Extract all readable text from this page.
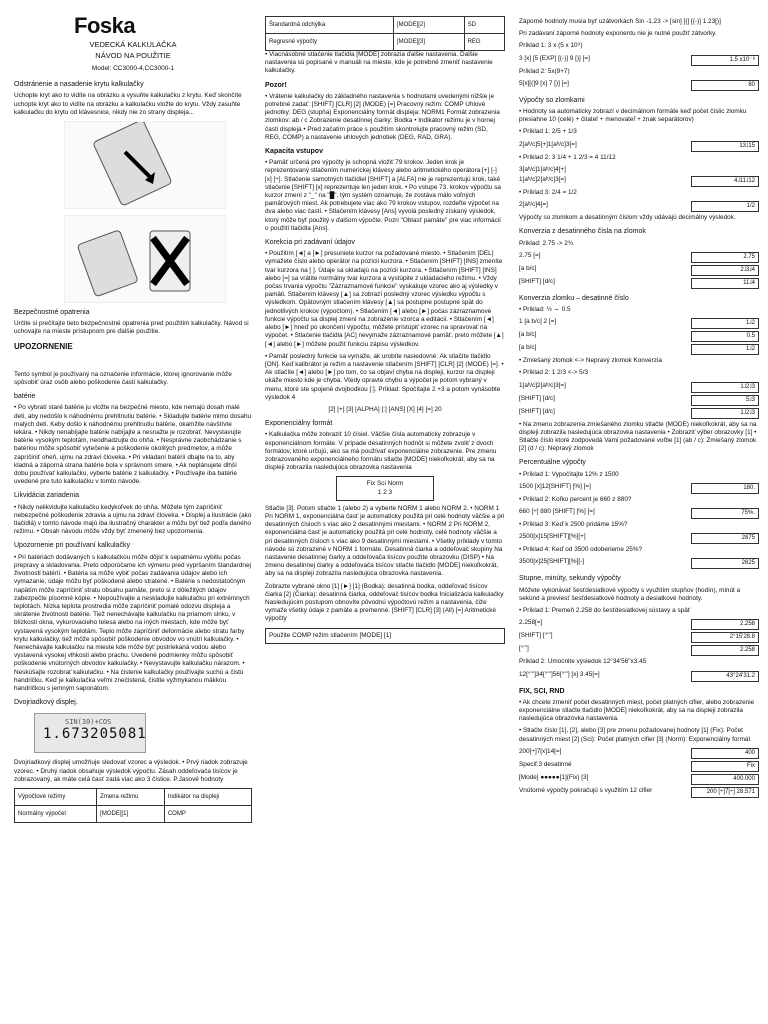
Foska
VEDECKÁ KALKULAČKA
NÁVOD NA POUŽITIE
Model: CC3000-4,CC3000-1
Odstránenie a nasadenie krytu kalkulačky

Uchopte kryt ako to vidíte na obrázku a vysuňte kalkulačku z krytu. Keď skončíte uchopte kryt ako to vidíte na obrázku a kalkulačku vložte do krytu. Vždy zasuňte kalkulačku do krytu od klávesnice, nikdy nie zo strany displeja...

Bezpečnostné opatrenia

Určite si prečítajte tieto bezpečnostné opatrenia pred použitím kalkulačky. Návod si uchovajte na mieste prístupnom pre ďalšie použitie.

UPOZORNENIE

Tento symbol je používaný na označenie informácie, ktorej ignorovanie môže spôsobiť úraz osôb alebo poškodenie častí kalkulačky.

batérie

• Po vybratí staré batérie ju vložte na bezpečné miesto, kde nemajú dosah malé deti, aby nedošlo k náhodnému prehltnutiu batérie. • Skladujte batérie mimo dosahu malých detí. Keby došlo k náhodnému prehltnutiu batérie, okamžite navštívte lekára. • Nikdy nenabíjajte batérie nabíjajte a nesnažte je rozobrať. Nevystavujte batérie vysokým teplotám, neodhadzujte do ohňa. • Nesprávne zaobchádzanie s batériou môže spôsobiť vytečenie a poškodenie okolitých predmetov, a môže zapríčiniť oheň, ujmu na zdraví človeka. • Pri vkladaní batérií dbajte na to, aby kladná a záporná strana batérie bola v správnom smere. • Ak neplánujete dlhší dobu používať kalkulačku, vyberte batérie z kalkulačky. • Používajte iba batérie uvedené pre tuto kalkulačku v tomto návode.

Likvidácia zariadenia

• Nikdy nelikvidujte kalkulačku kedykoľvek do ohňa. Môžete tým zapríčiniť nebezpečné poškodenie zdravia a ujmu na zdraví človeka. • Displej a ilustrácie (ako tlačidlá) v tomto návode majú iba ilustračný charakter a môžu byť tiež podľa daného režimu. • Obsah návodu môže vždy byť zmenený bez upozornenia.

Upozornenie pri používaní kalkulačky

• Pri batériách dodávaných s kalkulačkou môže dôjsť k sepatnému vybitiu počas prepravy a skladovania. Preto odporúčame ich výmenu pred vypršaním štandardnej životnosti batérií. • Batéria sa môže vybiť počas zadávania údajov alebo ich vymazanie, údaje môžu byť poškodené alebo stratené. • Batérie s nedostatočným napätím môže zapríčiniť stratu obsahu pamäte, preto si z dôležitých údajov zabezpečte písomné kópie. • Nepoužívajte a neskladujte kalkulačku pri extrémnych teplotách. Nízka teplota prostredia môže zapríčiniť pomalé odozvu displeja a skrátenie životnosti batérie. Tiež nenechávajte kalkulačku na priamom slnku, v blízkosti okna, vykurovacieho telesa alebo na iných miestach, kde môže byť vystavená vysokým teplotám. Teplo môže zapríčiniť deformácie alebo stratu farby krytu kalkulačky, tiež môže spôsobiť poškodenie obvodov vo vnútri kalkulačky. • Nenechávajte kalkulačku na mieste kde môže byť postriekaná vodou alebo vystavená vysokej vlhkosti alebo prachu. Uvedené podmienky môžu spôsobiť poškodenie vnútorných obvodov kalkulačky. • Nevystavujte kalkulačku nárazom. • Neskúšajte rozobrať kalkulačku. • Na čistenie kalkulačky používajte suchú a čistú handričku. Keď je kalkulačka veľmi znečistená, čistite vyžmykanou mäkkou handričkou s jemným saponátom.

Dvojriadkový displej.
SIN(30)+COS
1.673205081

Dvojriadkový displej umožňuje sledovať vzorec a výsledok. • Prvý riadok zobrazuje vzorec. • Druhý riadok obsahuje výsledok výpočtu. Zásah oddeľovača tisícov je zobrazovaný, ak máte celá časť zadá viac ako 3 číslice. P.Jasové hodnoty

Výpočtové režimy	Zmena režimu	Indikátor na displeji
Normálny výpočet	[MODE][1]	COMP
Štandardná odchýlka	[MODE][2]	SD
Regresné výpočty	[MODE][3]	REG

• Viacnásobné stlačenie tlačidla [MODE] zobrazia ďalšie nastavenia. Ďalšie nastavenia sú popísané v manuáli na mieste, kde je potrebné zmeniť nastavenie kalkulačky.

Pozor!

• Vrátenie kalkulačky do základného nastavenia s hodnotami uvedenými nižšie je potrebné zadať: [SHIFT] [CLR] [2] (MODE) [=] Pracovný režim: COMP Uhlové jednotky: DEG (stupňa) Exponenciálny formát displeja: NORM1 Formát zobrazenia zlomkov: ab / c Zobrazenie desatinnej čiarky: Bodka • Indikátor režimu je v hornej časti displeja • Pred začatím práce s použitím skontrolujte pracovný režim (SD, REG, COMP) a nastavenie uhlových jednotiek (DEG, RAD, GRA).

Kapacita vstupov

• Pamäť určená pre výpočty je schopná vložiť 79 krokov. Jeden krok je reprezentovaný stlačením numerickej klávesy alebo aritmetického operátora [+] [-] [x] [÷]. Stlačenie samotných tlačidiel [SHIFT] a [ALFA] nie je reprezentujú krok, také stlačenie [SHIFT] [x] reprezentuje len jeden krok. • Po vstupe 73. krokov výpočtu sa kurzor zmení z "_" na "█", tým systém oznamuje, že zostáva málo voľných pamäťových miest. Ak potrebujete viac ako 79 krokov vstupov, rozdeľte výpočet na dva alebo viac častí. • Stlačením klávesy [Ans] vyvolá posledný získaný výsledok, ktorý môže byť použitý v ďalšom výpočte. Pozri "Oblasť pamäte" pre viac informácií o použití tlačidla [Ans].

Korekcia pri zadávaní údajov

• Použitím [◄] a [►] presuniete kurzor na požadované miesto. • Stlačením [DEL] vymažete číslo alebo operátor na pozícii kurzora. • Stlačením [SHIFT] [INS] zmeníte tvar kurzora na [ ]. Údaje sa ukladajú na pozícii kurzora. • Stlačením [SHIFT] [INS] alebo [=] sa vrátite normálny tvar kurzora a vystúpite z ukladacieho režimu. • Vždy počas trvania výpočtu "Zázraznamové funkcie" vyskakuje vzorec ako aj výsledky v pamäti. Stlačením klávesy [▲] sa zobrazí posledný vzorec výsledku výpočtu s výsledkom. Opätovným stlačením klávesy [▲] sa postupne postupne spät do jednotlivých krokov (výpočtom). • Stlačením [◄] alebo [►] počas zázraznamové funkcie výpočtu sa displej zmení na zobrazenie vzorca a editácii. • Stlačením [◄] alebo [►] hneď po ukončení výpočtu, môžete prístúpiť vzorec na spravovať na výpočet. • Stlačenie tlačidla [AC] nevymaže zázraznamové pamäť, preto môžete [▲] [◄] alebo [►] môžete použiť funkciu zápisu výsledkov.

• Pamäť posledný funkcie sa vymaže, ak urobíte nasledovné: Ak stlačíte tlačidlo [ON]. Keď kalibrátor je režim a nastavenie stlačením [SHIFT] [CLR] [2] (MODE) [=]. • Ak stlačíte [◄] alebo [►] po tom, čo sa objaví chyba na displeji, kurzor na displeji ukáže miesto kde je chyba. Vtedy opravte chybu a výpočet je potom vybraný v menu, ktoré ste spojené dvojbodkou [:]. Príklad: Spočítajte 2 +3 a potom vynásobte výsledok 4

[2] [+] [3] [ALPHA] [:] [ANS] [X] [4] [=] 20

Exponenciálny formát

• Kalkulačka môže zobraziť 10 čísiel. Väčšie čísla automaticky zobrazuje v exponenciálnom formáte. V prípade desatinných hodnôt si môžete zvoliť z dvoch formátov, ktoré určujú, ako sa má používať exponenciálne zobrazenie. Pre zmenu zobrazovaného exponenciálneho formátu stlačte [MODE] niekoľkokrát, aby sa na displeji zobrazila nasledujúca obrazovka nastavenia

Fix Sci Norm
1 2 3

Stlačte [3]. Potom stlačte 1 (alebo 2) a vyberte NORM 1 alebo NORM 2. • NORM 1 Pri NORM 1, exponenciálna časť je automaticky použitá pri celé hodnoty väčšie a pri desatinných čísloch s viac ako 2 desatinnými miestami. • NORM 2 Pri NORM 2, exponenciálna časť je automaticky použitá pri celé hodnoty, celé hodnoty väčšie a pri desatinných čísloch s viac ako 9 desatinnými miestami. • Všetky príklady v tomto návode sú zobrazené v NORM 1 formáte. Desatinná čiarka a oddeľovač skupiny Na nastavenie desatinnej čiarky a oddeľovača tisícov použite obrazovku (DISP) • Na zmenu desatinnej čiarky a oddeľovača tisícov stlačte tlačidlo [MODE] niekoľkokrát, aby sa na displeji zobrazila nasledujúca obrazovka nastavenia.

Zobrazte vybrané okno [1] [►] [1] (Bodka): desatinná bodka, oddeľovač tisícov čiarka [2] (Čiarka): desatinná čiarka, oddeľovač tisícov bodka Inicializácia kalkulačky Nasledujúcim postupom obnovíte pôvodnú výpočtovú režim a nastavenia, čiže vymaže všetky údaje z pamäte a premenné. [SHIFT] [CLR] [3] (All) [=] Aritmetické výpočty

Použite COMP režim stlačením [MODE] [1]

Záporné hodnoty musia byť uzátvorkách Sin -1.23 -> [sin] [(] [(-)] 1.23[)]

Pri zadávaní záporné hodnoty exponentu nie je nutné použiť zátvorky.

Príklad 1: 3 x (5 x 10⁹)

3 [x] [5 [EXP] [(-)] 9 [)] [=]	1.5 x10⁻⁸

Príklad 2: 5x(9+7)

5[x][(]9 [x] 7 [)] [=]	80
Výpočty so zlomkami

• Hodnoty sa automaticky zobrazí v decimálnom formáte keď počet číslic zlomku presiahne 10 (celé) + čitateľ + menovateľ + znak separátorov)

• Príklad 1: 2/5 + 1/3

2[aᵇ/c]5[+]1[aᵇ/c]3[=]	13˩15

• Príklad 2: 3 1/4 + 1 2/3 = 4 11/12

3[aᵇ/c]1[aᵇ/c]4[+]
1[aᵇ/c]2[aᵇ/c]3[=]	4˩11˩12

• Príklad 3: 2/4 = 1/2

2[aᵇ/c]4[=]	1/2

Výpočty so zlomkom a desatinným číslom vždy udávajú decimálny výsledok.

Konverzia z desatinného čísla na zlomok

Príklad: 2.75 -> 2¾

2.75 [=]	2.75
[a b/c]	2˩3˩4
[SHIFT] [d/c]	11˩4
Konverzia zlomku – desatinné číslo

• Príklad: ½ ⇔ 0.5

1 [a b/c] 2 [=]	1˩2
[a b/c]	0.5
[a b/c]	1˩2

• Zmiešaný zlomok <-> Nepravý zlomok Konverzia

• Príklad 2: 1 2/3 <-> 5/3

1[aᵇ/c]2[aᵇ/c]3[=]	1˩2˩3
[SHIFT] [d/c]	5˩3
[SHIFT] [d/c]	1˩2˩3

• Na zmenu zobrazenia zmiešaného zlomku stlačte (MODE) niekoľkokrát, aby sa na displeji zobrazila nasledujúca obrazovka nastavenia • Zobraziť výber obrazovky [1] • Stlačte číslo ktoré zodpovedá Vami požadované voľbe [1] (ab / c): Zmiešaný zlomok [2] (d / c): Nepravý zlomok

Percentuálne výpočty

• Príklad 1: Vypočítajte 12% z 1500

1500 [x]12[SHIFT] [%] [=]	180.

• Príklad 2: Koľko percent je 660 z 880?

660 [÷] 880 [SHIFT] [%] [=]	75%.

• Príklad 3: Keď k 2500 pridáme 15%?

2500[x]15[SHIFT][%][+]	2875

• Príklad 4: Keď od 3500 odoberieme 25%?

3500[x]25[SHIFT][%][-]	2625
Stupne, minúty, sekundy výpočty

Môžete vykonávať šesťdesiatkové výpočty s využitím stupňov (hodín), minút a sekúnd a previesť šesťdesiatkové hodnoty a desiatkové hodnoty.

• Príklad 1: Premeň 2.258 do šesťdesiatkovej sústavy a späť

2.258[=]	2.258
[SHIFT] [°''']	2°15'28.8
[°''']	2.258

Príklad 2: Umocnite výsledok 12°34'56"x3.45

12[°''']34[°''']56[°'''] [x] 3.45[=]	43°24'31.2
FIX, SCI, RND

• Ak chcete zmeniť počet desatinných miest, počet platných cifier, alebo zobrazenie exponenciálne stlačte tlačidlo [MODE] niekoľkokrát, aby sa na displeji zobrazila nasledujúca obrazovka nastavenia.

• Stlačte číslo [1], [2], alebo [3] pre zmenu požadovanej hodnoty [1] (Fix): Počet desatinných miest [2] (Sci): Počet platných cifier [3] (Norm): Exponenciálny formát

200[÷]7[x]14[=]	400
Špecif.3 desatinné	Fix
[Mode] ●●●●●[1](Fix) [3]	400.000
Vnútorné výpočty pokračujú s využitím 12 cifier	200 [÷]7[÷] 28.571
